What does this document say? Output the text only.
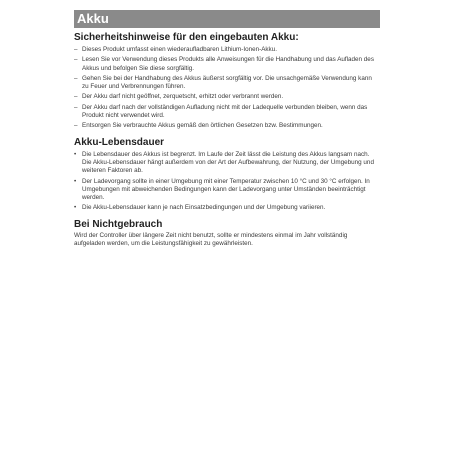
Akku
Sicherheitshinweise für den eingebauten Akku:
– Dieses Produkt umfasst einen wiederaufladbaren Lithium-Ionen-Akku.
– Lesen Sie vor Verwendung dieses Produkts alle Anweisungen für die Handhabung und das Aufladen des Akkus und befolgen Sie diese sorgfältig.
– Gehen Sie bei der Handhabung des Akkus äußerst sorgfältig vor. Die unsachgemäße Verwendung kann zu Feuer und Verbrennungen führen.
– Der Akku darf nicht geöffnet, zerquetscht, erhitzt oder verbrannt werden.
– Der Akku darf nach der vollständigen Aufladung nicht mit der Ladequelle verbunden bleiben, wenn das Produkt nicht verwendet wird.
– Entsorgen Sie verbrauchte Akkus gemäß den örtlichen Gesetzen bzw. Bestimmungen.
Akku-Lebensdauer
• Die Lebensdauer des Akkus ist begrenzt. Im Laufe der Zeit lässt die Leistung des Akkus langsam nach. Die Akku-Lebensdauer hängt außerdem von der Art der Aufbewahrung, der Nutzung, der Umgebung und weiteren Faktoren ab.
• Der Ladevorgang sollte in einer Umgebung mit einer Temperatur zwischen 10 °C und 30 °C erfolgen. In Umgebungen mit abweichenden Bedingungen kann der Ladevorgang unter Umständen beeinträchtigt werden.
• Die Akku-Lebensdauer kann je nach Einsatzbedingungen und der Umgebung variieren.
Bei Nichtgebrauch

Wird der Controller über längere Zeit nicht benutzt, sollte er mindestens einmal im Jahr vollständig aufgeladen werden, um die Leistungsfähigkeit zu gewährleisten.
